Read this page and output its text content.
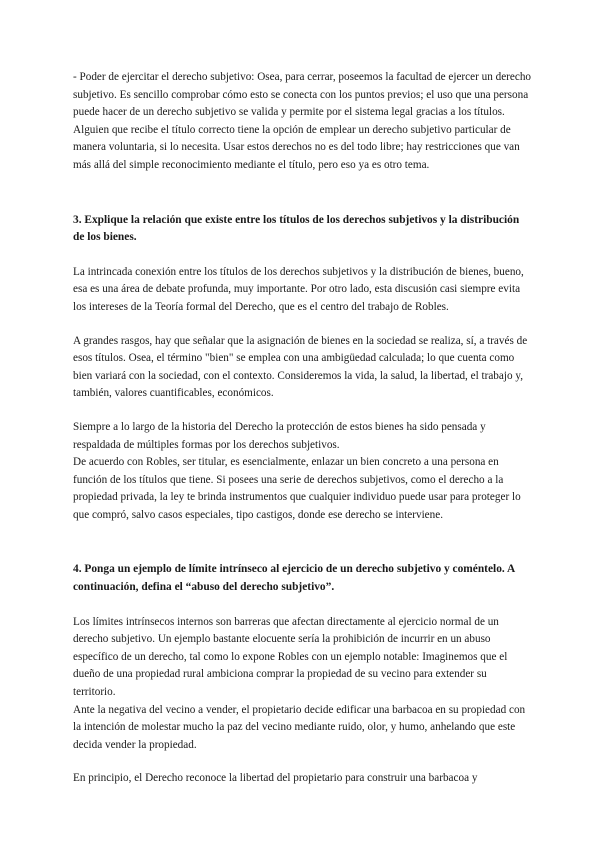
- Poder de ejercitar el derecho subjetivo: Osea, para cerrar, poseemos la facultad de ejercer un derecho subjetivo. Es sencillo comprobar cómo esto se conecta con los puntos previos; el uso que una persona puede hacer de un derecho subjetivo se valida y permite por el sistema legal gracias a los títulos. Alguien que recibe el título correcto tiene la opción de emplear un derecho subjetivo particular de manera voluntaria, si lo necesita. Usar estos derechos no es del todo libre; hay restricciones que van más allá del simple reconocimiento mediante el título, pero eso ya es otro tema.

3. Explique la relación que existe entre los títulos de los derechos subjetivos y la distribución de los bienes.

La intrincada conexión entre los títulos de los derechos subjetivos y la distribución de bienes, bueno, esa es una área de debate profunda, muy importante. Por otro lado, esta discusión casi siempre evita los intereses de la Teoría formal del Derecho, que es el centro del trabajo de Robles.

A grandes rasgos, hay que señalar que la asignación de bienes en la sociedad se realiza, sí, a través de esos títulos. Osea, el término "bien" se emplea con una ambigüedad calculada; lo que cuenta como bien variará con la sociedad, con el contexto. Consideremos la vida, la salud, la libertad, el trabajo y, también, valores cuantificables, económicos.

Siempre a lo largo de la historia del Derecho la protección de estos bienes ha sido pensada y respaldada de múltiples formas por los derechos subjetivos.

De acuerdo con Robles, ser titular, es esencialmente, enlazar un bien concreto a una persona en función de los títulos que tiene. Si posees una serie de derechos subjetivos, como el derecho a la propiedad privada, la ley te brinda instrumentos que cualquier individuo puede usar para proteger lo que compró, salvo casos especiales, tipo castigos, donde ese derecho se interviene.

4. Ponga un ejemplo de límite intrínseco al ejercicio de un derecho subjetivo y coméntelo. A continuación, defina el “abuso del derecho subjetivo”.

Los límites intrínsecos internos son barreras que afectan directamente al ejercicio normal de un derecho subjetivo. Un ejemplo bastante elocuente sería la prohibición de incurrir en un abuso específico de un derecho, tal como lo expone Robles con un ejemplo notable: Imaginemos que el dueño de una propiedad rural ambiciona comprar la propiedad de su vecino para extender su territorio.

Ante la negativa del vecino a vender, el propietario decide edificar una barbacoa en su propiedad con la intención de molestar mucho la paz del vecino mediante ruido, olor, y humo, anhelando que este decida vender la propiedad.

En principio, el Derecho reconoce la libertad del propietario para construir una barbacoa y
